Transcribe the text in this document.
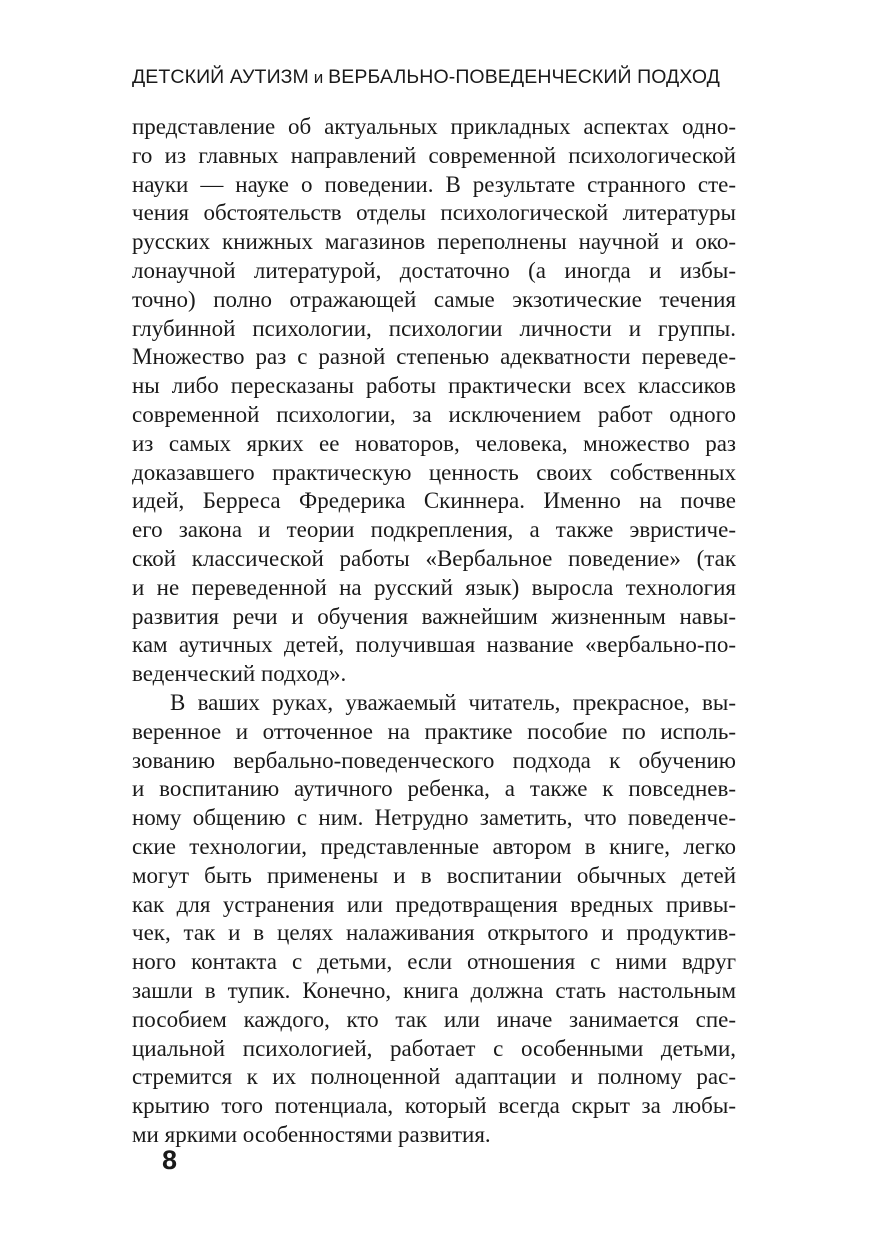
ДЕТСКИЙ АУТИЗМ и ВЕРБАЛЬНО-ПОВЕДЕНЧЕСКИЙ ПОДХОД
представление об актуальных прикладных аспектах одно-
го из главных направлений современной психологической
науки — науке о поведении. В результате странного сте-
чения обстоятельств отделы психологической литературы
русских книжных магазинов переполнены научной и око-
лонаучной литературой, достаточно (а иногда и избы-
точно) полно отражающей самые экзотические течения
глубинной психологии, психологии личности и группы.
Множество раз с разной степенью адекватности переведе-
ны либо пересказаны работы практически всех классиков
современной психологии, за исключением работ одного
из самых ярких ее новаторов, человека, множество раз
доказавшего практическую ценность своих собственных
идей, Берреса Фредерика Скиннера. Именно на почве
его закона и теории подкрепления, а также эвристиче-
ской классической работы «Вербальное поведение» (так
и не переведенной на русский язык) выросла технология
развития речи и обучения важнейшим жизненным навы-
кам аутичных детей, получившая название «вербально-по-
веденческий подход».
В ваших руках, уважаемый читатель, прекрасное, вы-
веренное и отточенное на практике пособие по исполь-
зованию вербально-поведенческого подхода к обучению
и воспитанию аутичного ребенка, а также к повседнев-
ному общению с ним. Нетрудно заметить, что поведенче-
ские технологии, представленные автором в книге, легко
могут быть применены и в воспитании обычных детей
как для устранения или предотвращения вредных привы-
чек, так и в целях налаживания открытого и продуктив-
ного контакта с детьми, если отношения с ними вдруг
зашли в тупик. Конечно, книга должна стать настольным
пособием каждого, кто так или иначе занимается спе-
циальной психологией, работает с особенными детьми,
стремится к их полноценной адаптации и полному рас-
крытию того потенциала, который всегда скрыт за любы-
ми яркими особенностями развития.
8
